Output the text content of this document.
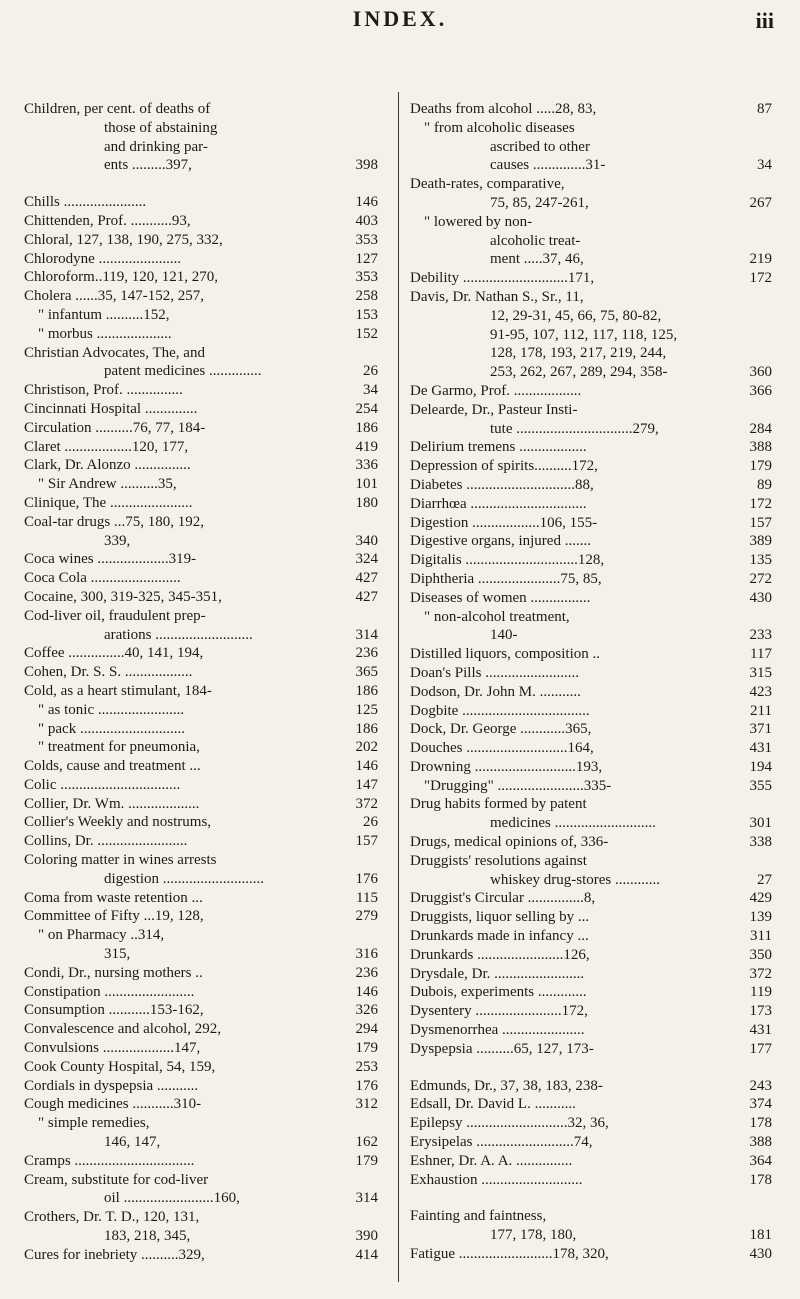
INDEX.	iii
Children, per cent. of deaths of
those of abstaining
and drinking par-
ents .........397,	398
Chills ......................	146
Chittenden, Prof. ...........93,	403
Chloral, 127, 138, 190, 275, 332,	353
Chlorodyne ......................	127
Chloroform..119, 120, 121, 270,	353
Cholera ......35, 147-152, 257,	258
" infantum ..........152,	153
" morbus ....................	152
Christian Advocates, The, and
patent medicines ..............	26
Christison, Prof. ...............	34
Cincinnati Hospital ..............	254
Circulation ..........76, 77, 184-	186
Claret ..................120, 177,	419
Clark, Dr. Alonzo ...............	336
" Sir Andrew ..........35,	101
Clinique, The ......................	180
Coal-tar drugs ...75, 180, 192,
339,	340
Coca wines ...................319-	324
Coca Cola ........................	427
Cocaine, 300, 319-325, 345-351,	427
Cod-liver oil, fraudulent prep-
arations ..........................	314
Coffee ...............40, 141, 194,	236
Cohen, Dr. S. S. ..................	365
Cold, as a heart stimulant, 184-	186
" as tonic .......................	125
" pack ............................	186
" treatment for pneumonia,	202
Colds, cause and treatment ...	146
Colic ................................	147
Collier, Dr. Wm. ...................	372
Collier's Weekly and nostrums,	26
Collins, Dr. ........................	157
Coloring matter in wines arrests
digestion ...........................	176
Coma from waste retention ...	115
Committee of Fifty ...19, 128,	279
" on Pharmacy ..314,
315,	316
Condi, Dr., nursing mothers ..	236
Constipation ........................	146
Consumption ...........153-162,	326
Convalescence and alcohol, 292,	294
Convulsions ...................147,	179
Cook County Hospital, 54, 159,	253
Cordials in dyspepsia ...........	176
Cough medicines ...........310-	312
" simple remedies,
146, 147,	162
Cramps ................................	179
Cream, substitute for cod-liver
oil ........................160,	314
Crothers, Dr. T. D., 120, 131,
183, 218, 345,	390
Cures for inebriety ..........329,	414
Deaths from alcohol .....28, 83,	87
" from alcoholic diseases
ascribed to other
causes ..............31-	34
Death-rates, comparative,
75, 85, 247-261,	267
" lowered by non-
alcoholic treat-
ment .....37, 46,	219
Debility ............................171,	172
Davis, Dr. Nathan S., Sr., 11,
12, 29-31, 45, 66, 75, 80-82,
91-95, 107, 112, 117, 118, 125,
128, 178, 193, 217, 219, 244,
253, 262, 267, 289, 294, 358-	360
De Garmo, Prof. ..................	366
Delearde, Dr., Pasteur Insti-
tute ...............................279,	284
Delirium tremens ..................	388
Depression of spirits..........172,	179
Diabetes .............................88,	89
Diarrhœa ...............................	172
Digestion ..................106, 155-	157
Digestive organs, injured .......	389
Digitalis ..............................128,	135
Diphtheria ......................75, 85,	272
Diseases of women ................	430
" non-alcohol treatment,
140-	233
Distilled liquors, composition ..	117
Doan's Pills .........................	315
Dodson, Dr. John M. ...........	423
Dogbite ..................................	211
Dock, Dr. George ............365,	371
Douches ...........................164,	431
Drowning ...........................193,	194
"Drugging" .......................335-	355
Drug habits formed by patent
medicines ...........................	301
Drugs, medical opinions of, 336-	338
Druggists' resolutions against
whiskey drug-stores ............	27
Druggist's Circular ...............8,	429
Druggists, liquor selling by ...	139
Drunkards made in infancy ...	311
Drunkards .......................126,	350
Drysdale, Dr. ........................	372
Dubois, experiments .............	119
Dysentery .......................172,	173
Dysmenorrhea ......................	431
Dyspepsia ..........65, 127, 173-	177
Edmunds, Dr., 37, 38, 183, 238-	243
Edsall, Dr. David L. ...........	374
Epilepsy ...........................32, 36,	178
Erysipelas ..........................74,	388
Eshner, Dr. A. A. ...............	364
Exhaustion ...........................	178
Fainting and faintness,
177, 178, 180,	181
Fatigue .........................178, 320,	430
